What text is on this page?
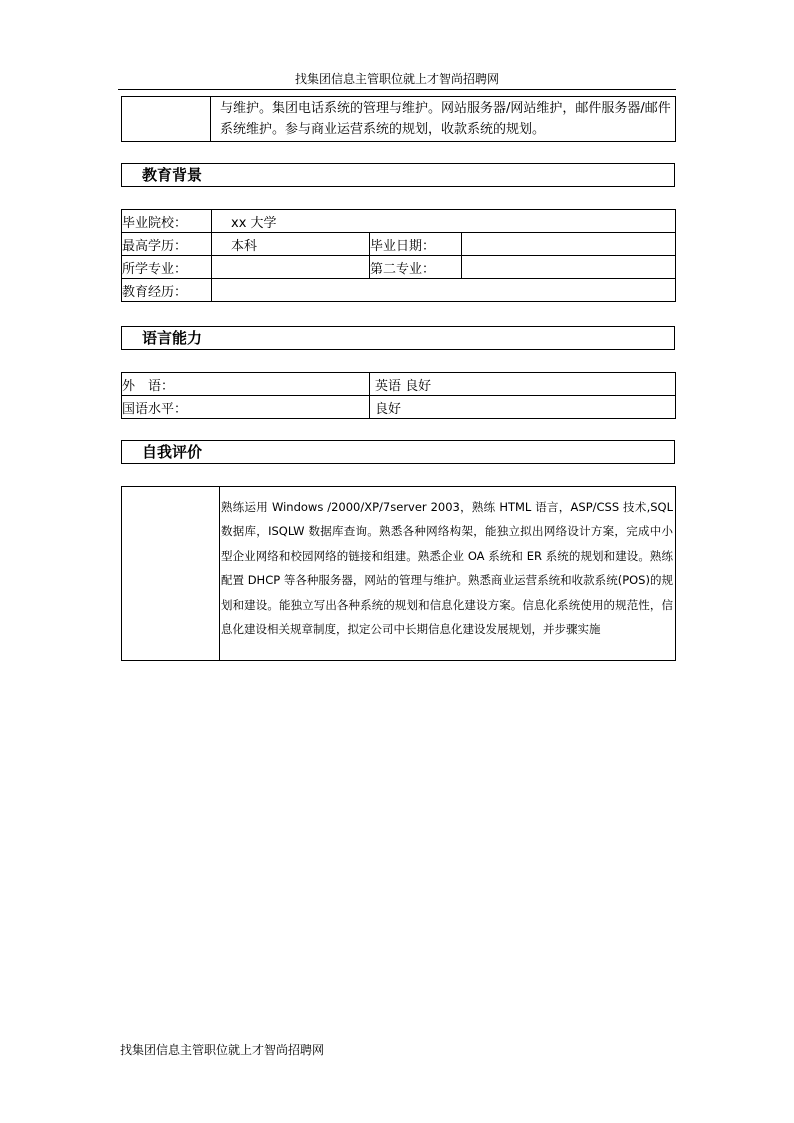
找集团信息主管职位就上才智尚招聘网
	与维护。集团电话系统的管理与维护。网站服务器/网站维护，邮件服务器/邮件系统维护。参与商业运营系统的规划，收款系统的规划。
教育背景
毕业院校：	xx 大学		
最高学历：	本科	毕业日期：	
所学专业：		第二专业：	
教育经历：			
语言能力
外　语：	英语 良好
国语水平：	良好
自我评价
	熟练运用 Windows /2000/XP/7server 2003，熟练 HTML 语言，ASP/CSS 技术,SQL 数据库，ISQLW 数据库查询。熟悉各种网络构架，能独立拟出网络设计方案，完成中小型企业网络和校园网络的链接和组建。熟悉企业 OA 系统和 ER 系统的规划和建设。熟练配置 DHCP 等各种服务器，网站的管理与维护。熟悉商业运营系统和收款系统(POS)的规划和建设。能独立写出各种系统的规划和信息化建设方案。信息化系统使用的规范性，信息化建设相关规章制度，拟定公司中长期信息化建设发展规划，并步骤实施
找集团信息主管职位就上才智尚招聘网
